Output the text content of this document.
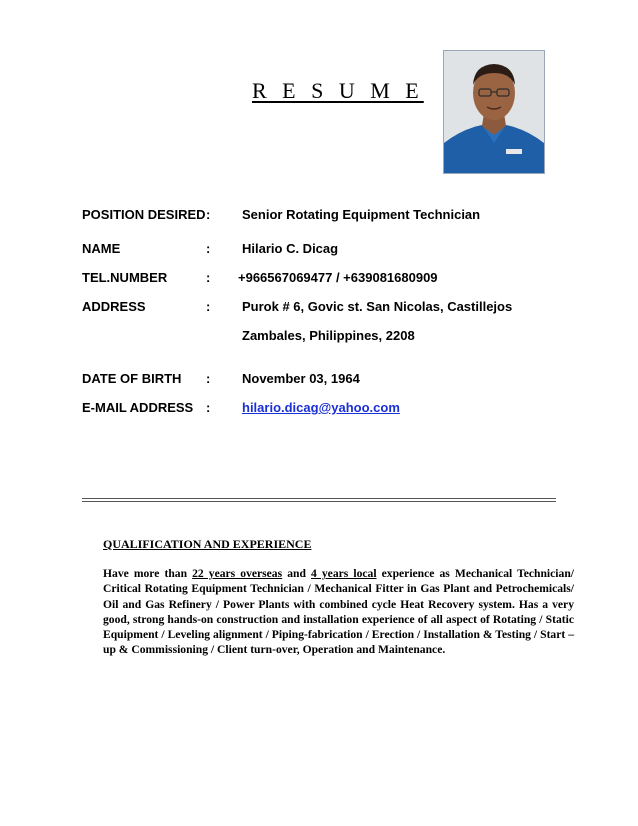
R E S U M E
POSITION DESIRED : Senior Rotating Equipment Technician
NAME	: Hilario C. Dicag
TEL.NUMBER	: +966567069477 / +639081680909
ADDRESS	: Purok # 6, Govic st. San Nicolas, Castillejos
Zambales, Philippines, 2208
DATE OF BIRTH : November 03, 1964
E-MAIL ADDRESS : hilario.dicag@yahoo.com
QUALIFICATION AND EXPERIENCE
Have more than 22 years overseas and 4 years local experience as Mechanical Technician/ Critical Rotating Equipment Technician / Mechanical Fitter in Gas Plant and Petrochemicals/ Oil and Gas Refinery / Power Plants with combined cycle Heat Recovery system. Has a very good, strong hands-on construction and installation experience of all aspect of Rotating / Static Equipment / Leveling alignment / Piping-fabrication / Erection / Installation & Testing / Start – up & Commissioning / Client turn-over, Operation and Maintenance.
